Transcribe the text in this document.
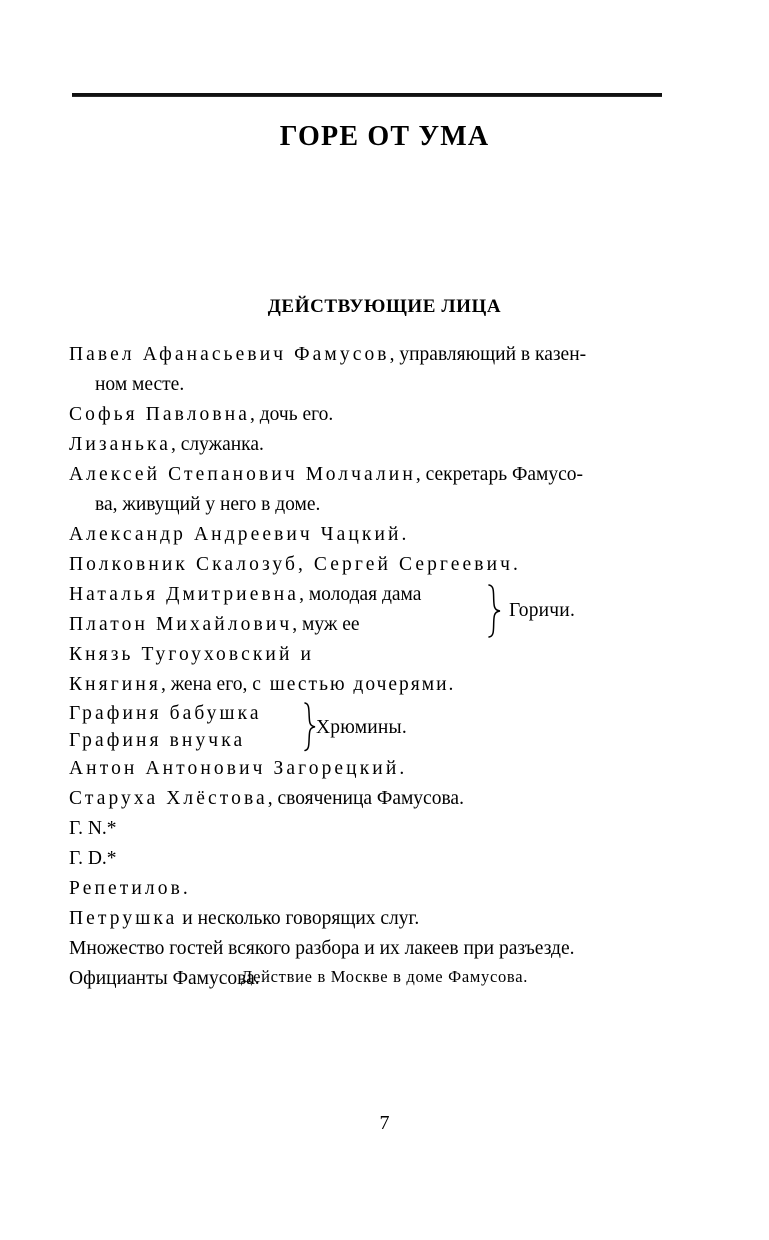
ГОРЕ ОТ УМА
ДЕЙСТВУЮЩИЕ ЛИЦА

Павел Афанасьевич Фамусов, управляющий в казен-
ном месте.

Софья Павловна, дочь его.

Лизанька, служанка.

Алексей Степанович Молчалин, секретарь Фамусо-
ва, живущий у него в доме.

Александр Андреевич Чацкий.

Полковник Скалозуб, Сергей Сергеевич.

Наталья Дмитриевна, молодая дама
Платон Михайлович, муж ее
Горичи.

Князь Тугоуховский и

Княгиня, жена его, с шестью дочерями.

Графиня бабушка
Графиня внучка
Хрюмины.

Антон Антонович Загорецкий.

Старуха Хлёстова, свояченица Фамусова.

Г. N.*

Г. D.*

Репетилов.

Петрушка и несколько говорящих слуг.

Множество гостей всякого разбора и их лакеев при разъезде.

Официанты Фамусова.

Действие в Москве в доме Фамусова.
7
